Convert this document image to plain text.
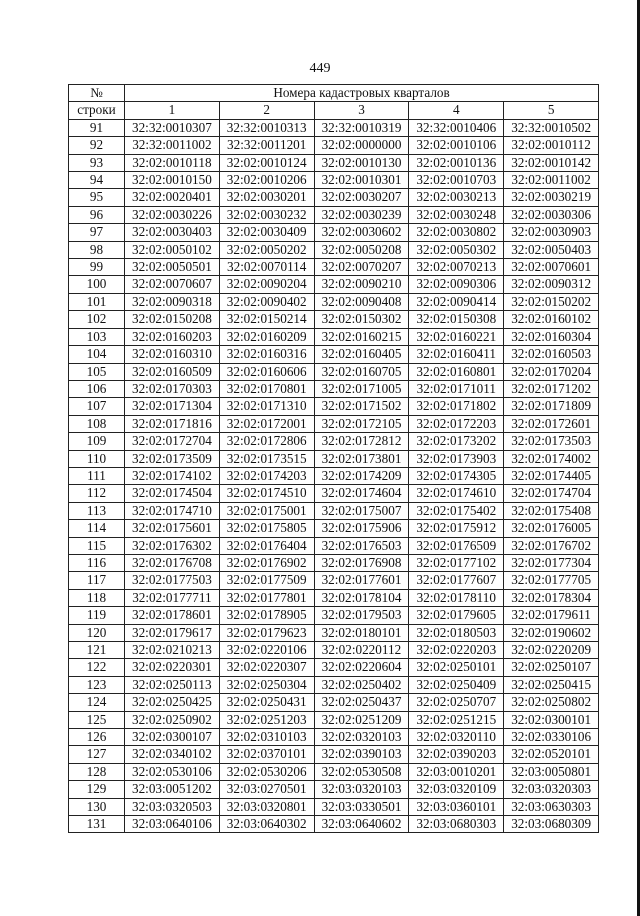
449
№	Номера кадастровых кварталов				
строки	1	2	3	4	5
91	32:32:0010307	32:32:0010313	32:32:0010319	32:32:0010406	32:32:0010502
92	32:32:0011002	32:32:0011201	32:02:0000000	32:02:0010106	32:02:0010112
93	32:02:0010118	32:02:0010124	32:02:0010130	32:02:0010136	32:02:0010142
94	32:02:0010150	32:02:0010206	32:02:0010301	32:02:0010703	32:02:0011002
95	32:02:0020401	32:02:0030201	32:02:0030207	32:02:0030213	32:02:0030219
96	32:02:0030226	32:02:0030232	32:02:0030239	32:02:0030248	32:02:0030306
97	32:02:0030403	32:02:0030409	32:02:0030602	32:02:0030802	32:02:0030903
98	32:02:0050102	32:02:0050202	32:02:0050208	32:02:0050302	32:02:0050403
99	32:02:0050501	32:02:0070114	32:02:0070207	32:02:0070213	32:02:0070601
100	32:02:0070607	32:02:0090204	32:02:0090210	32:02:0090306	32:02:0090312
101	32:02:0090318	32:02:0090402	32:02:0090408	32:02:0090414	32:02:0150202
102	32:02:0150208	32:02:0150214	32:02:0150302	32:02:0150308	32:02:0160102
103	32:02:0160203	32:02:0160209	32:02:0160215	32:02:0160221	32:02:0160304
104	32:02:0160310	32:02:0160316	32:02:0160405	32:02:0160411	32:02:0160503
105	32:02:0160509	32:02:0160606	32:02:0160705	32:02:0160801	32:02:0170204
106	32:02:0170303	32:02:0170801	32:02:0171005	32:02:0171011	32:02:0171202
107	32:02:0171304	32:02:0171310	32:02:0171502	32:02:0171802	32:02:0171809
108	32:02:0171816	32:02:0172001	32:02:0172105	32:02:0172203	32:02:0172601
109	32:02:0172704	32:02:0172806	32:02:0172812	32:02:0173202	32:02:0173503
110	32:02:0173509	32:02:0173515	32:02:0173801	32:02:0173903	32:02:0174002
111	32:02:0174102	32:02:0174203	32:02:0174209	32:02:0174305	32:02:0174405
112	32:02:0174504	32:02:0174510	32:02:0174604	32:02:0174610	32:02:0174704
113	32:02:0174710	32:02:0175001	32:02:0175007	32:02:0175402	32:02:0175408
114	32:02:0175601	32:02:0175805	32:02:0175906	32:02:0175912	32:02:0176005
115	32:02:0176302	32:02:0176404	32:02:0176503	32:02:0176509	32:02:0176702
116	32:02:0176708	32:02:0176902	32:02:0176908	32:02:0177102	32:02:0177304
117	32:02:0177503	32:02:0177509	32:02:0177601	32:02:0177607	32:02:0177705
118	32:02:0177711	32:02:0177801	32:02:0178104	32:02:0178110	32:02:0178304
119	32:02:0178601	32:02:0178905	32:02:0179503	32:02:0179605	32:02:0179611
120	32:02:0179617	32:02:0179623	32:02:0180101	32:02:0180503	32:02:0190602
121	32:02:0210213	32:02:0220106	32:02:0220112	32:02:0220203	32:02:0220209
122	32:02:0220301	32:02:0220307	32:02:0220604	32:02:0250101	32:02:0250107
123	32:02:0250113	32:02:0250304	32:02:0250402	32:02:0250409	32:02:0250415
124	32:02:0250425	32:02:0250431	32:02:0250437	32:02:0250707	32:02:0250802
125	32:02:0250902	32:02:0251203	32:02:0251209	32:02:0251215	32:02:0300101
126	32:02:0300107	32:02:0310103	32:02:0320103	32:02:0320110	32:02:0330106
127	32:02:0340102	32:02:0370101	32:02:0390103	32:02:0390203	32:02:0520101
128	32:02:0530106	32:02:0530206	32:02:0530508	32:03:0010201	32:03:0050801
129	32:03:0051202	32:03:0270501	32:03:0320103	32:03:0320109	32:03:0320303
130	32:03:0320503	32:03:0320801	32:03:0330501	32:03:0360101	32:03:0630303
131	32:03:0640106	32:03:0640302	32:03:0640602	32:03:0680303	32:03:0680309
